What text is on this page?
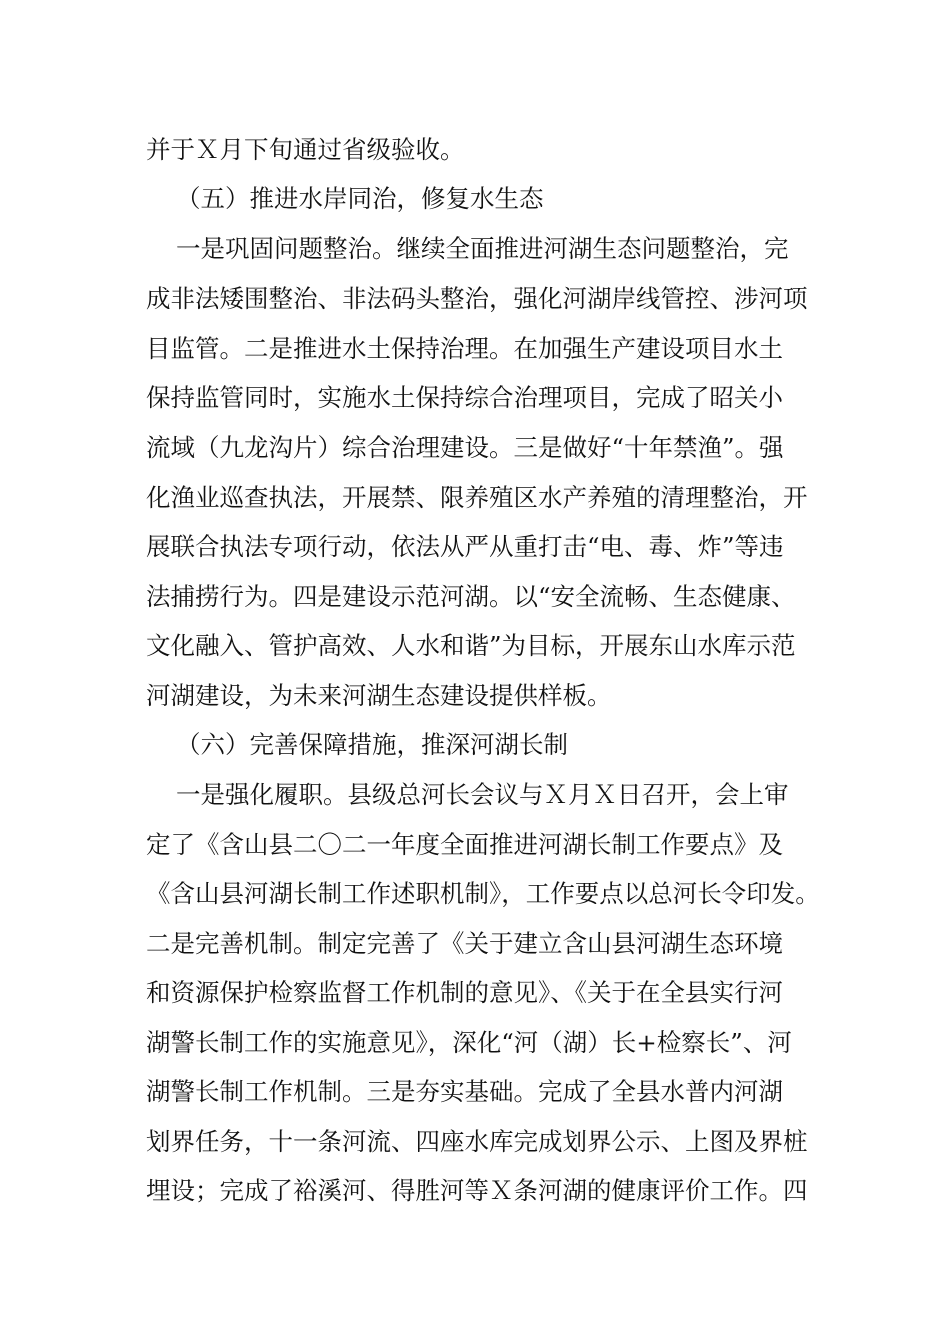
并于Ｘ月下旬通过省级验收。
（五）推进水岸同治，修复水生态
一是巩固问题整治。继续全面推进河湖生态问题整治，完
成非法矮围整治、非法码头整治，强化河湖岸线管控、涉河项
目监管。二是推进水土保持治理。在加强生产建设项目水土
保持监管同时，实施水土保持综合治理项目，完成了昭关小
流域（九龙沟片）综合治理建设。三是做好“十年禁渔”。强
化渔业巡查执法，开展禁、限养殖区水产养殖的清理整治，开
展联合执法专项行动，依法从严从重打击“电、毒、炸”等违
法捕捞行为。四是建设示范河湖。以“安全流畅、生态健康、
文化融入、管护高效、人水和谐”为目标，开展东山水库示范
河湖建设，为未来河湖生态建设提供样板。
（六）完善保障措施，推深河湖长制
一是强化履职。县级总河长会议与Ｘ月Ｘ日召开，会上审
定了《含山县二〇二一年度全面推进河湖长制工作要点》及
《含山县河湖长制工作述职机制》，工作要点以总河长令印发。
二是完善机制。制定完善了《关于建立含山县河湖生态环境
和资源保护检察监督工作机制的意见》、《关于在全县实行河
湖警长制工作的实施意见》，深化“河（湖）长+检察长”、河
湖警长制工作机制。三是夯实基础。完成了全县水普内河湖
划界任务，十一条河流、四座水库完成划界公示、上图及界桩
埋设；完成了裕溪河、得胜河等Ｘ条河湖的健康评价工作。四
